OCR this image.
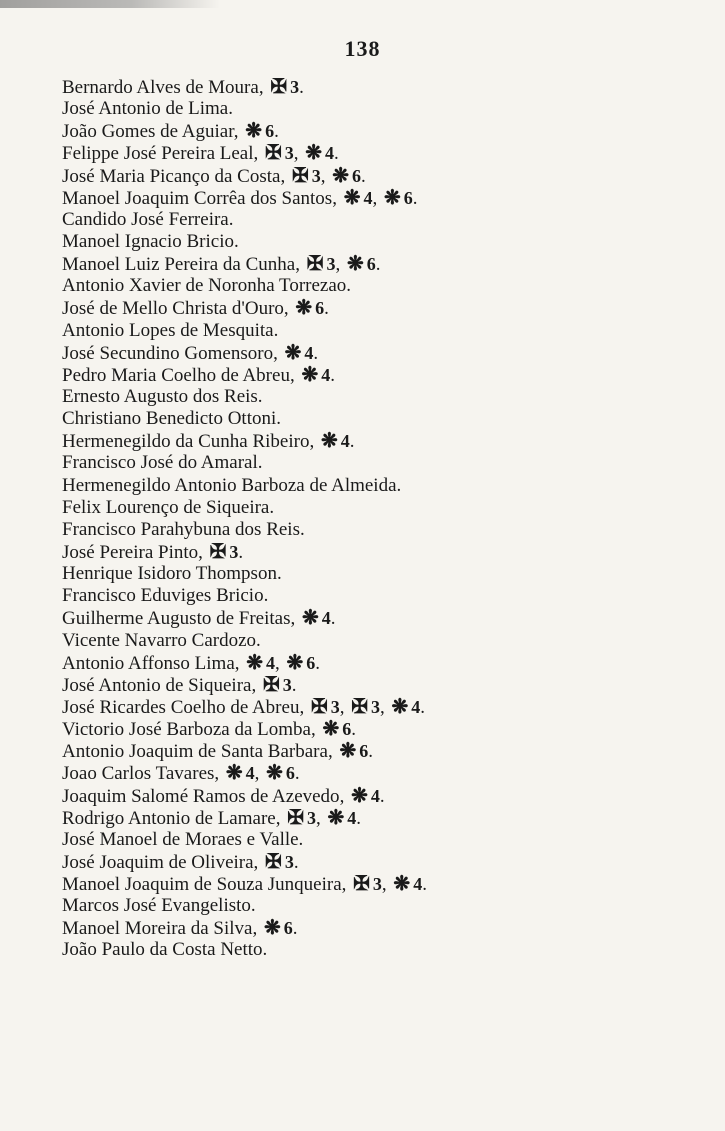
138
Bernardo Alves de Moura, ✠ 3.
José Antonio de Lima.
João Gomes de Aguiar, ❋ 6.
Felippe José Pereira Leal, ✠ 3, ❋ 4.
José Maria Picanço da Costa, ✠ 3, ❋ 6.
Manoel Joaquim Corrêa dos Santos, ❋ 4, ❋ 6.
Candido José Ferreira.
Manoel Ignacio Bricio.
Manoel Luiz Pereira da Cunha, ✠ 3, ❋ 6.
Antonio Xavier de Noronha Torrezao.
José de Mello Christa d'Ouro, ❋ 6.
Antonio Lopes de Mesquita.
José Secundino Gomensoro, ❋ 4.
Pedro Maria Coelho de Abreu, ❋ 4.
Ernesto Augusto dos Reis.
Christiano Benedicto Ottoni.
Hermenegildo da Cunha Ribeiro, ❋ 4.
Francisco José do Amaral.
Hermenegildo Antonio Barboza de Almeida.
Felix Lourenço de Siqueira.
Francisco Parahybuna dos Reis.
José Pereira Pinto, ✠ 3.
Henrique Isidoro Thompson.
Francisco Eduviges Bricio.
Guilherme Augusto de Freitas, ❋ 4.
Vicente Navarro Cardozo.
Antonio Affonso Lima, ❋ 4, ❋ 6.
José Antonio de Siqueira, ✠ 3.
José Ricardes Coelho de Abreu, ✠ 3, ✠ 3, ❋ 4.
Victorio José Barboza da Lomba, ❋ 6.
Antonio Joaquim de Santa Barbara, ❋ 6.
Joao Carlos Tavares, ❋ 4, ❋ 6.
Joaquim Salomé Ramos de Azevedo, ❋ 4.
Rodrigo Antonio de Lamare, ✠ 3, ❋ 4.
José Manoel de Moraes e Valle.
José Joaquim de Oliveira, ✠ 3.
Manoel Joaquim de Souza Junqueira, ✠ 3, ❋ 4.
Marcos José Evangelisto.
Manoel Moreira da Silva, ❋ 6.
João Paulo da Costa Netto.
